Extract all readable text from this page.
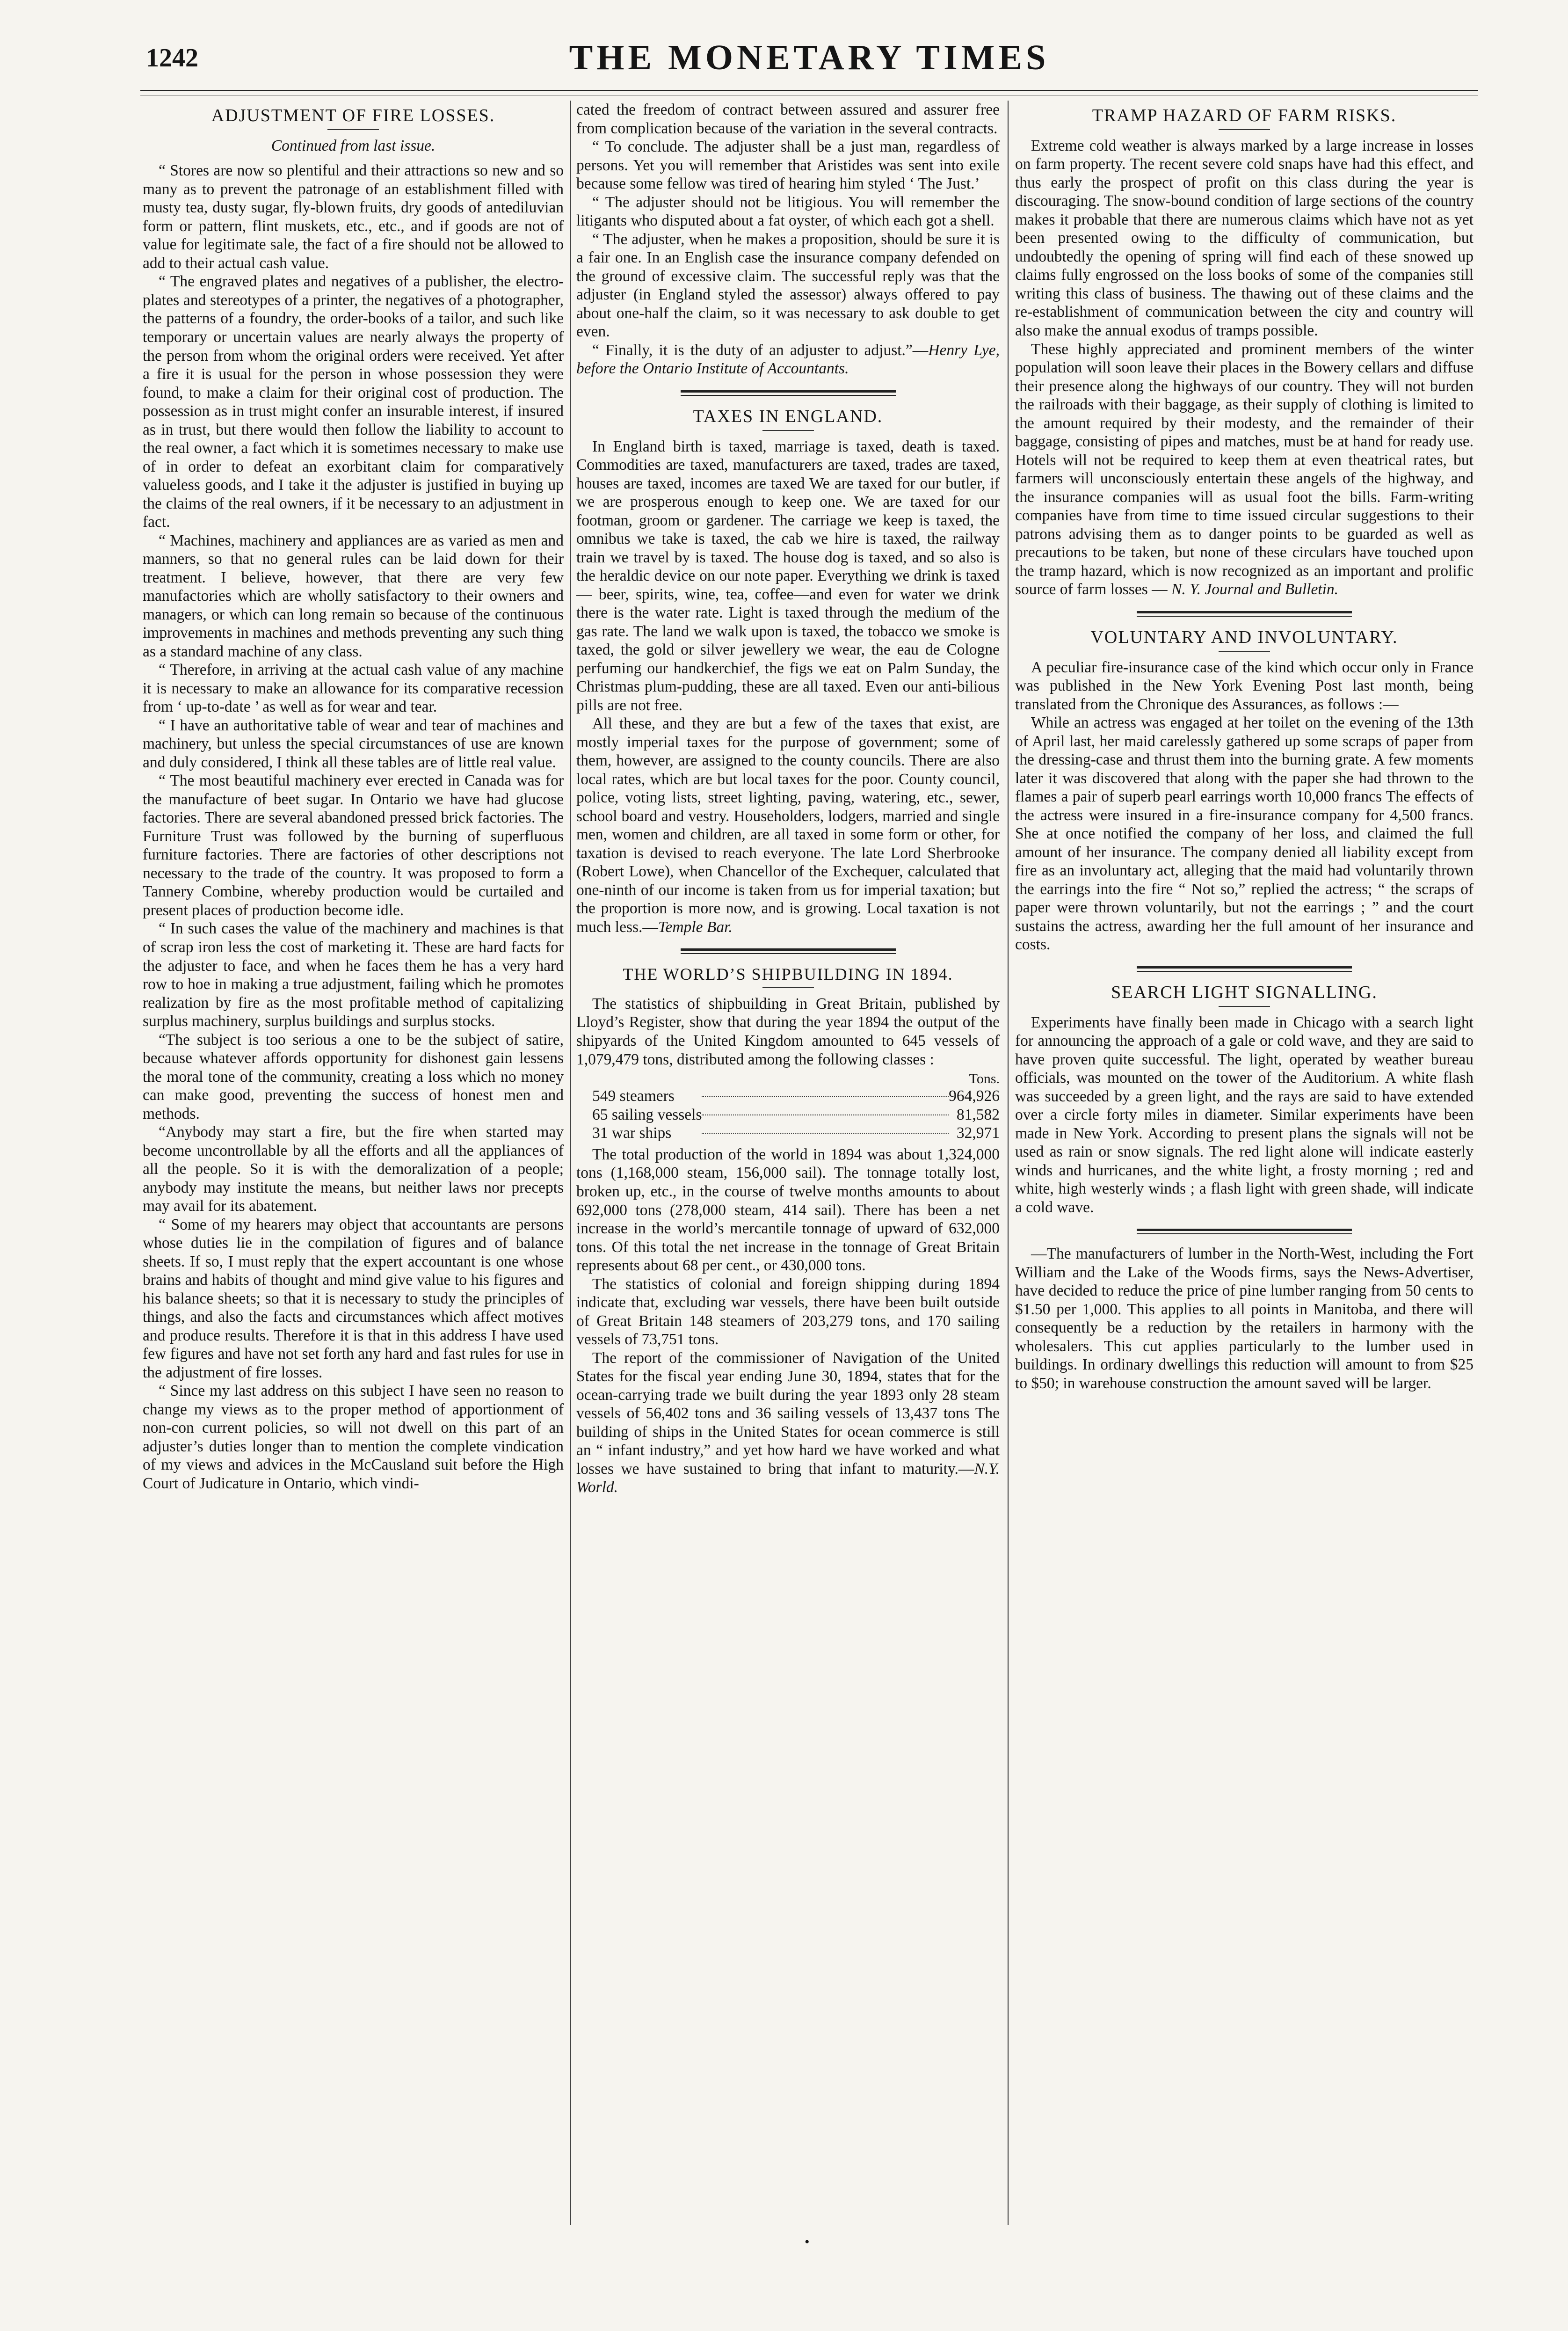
1242	THE MONETARY TIMES
ADJUSTMENT OF FIRE LOSSES.
Continued from last issue.

“ Stores are now so plentiful and their attractions so new and so many as to prevent the patronage of an establishment filled with musty tea, dusty sugar, fly-blown fruits, dry goods of antediluvian form or pattern, flint muskets, etc., etc., and if goods are not of value for legitimate sale, the fact of a fire should not be allowed to add to their actual cash value.

“ The engraved plates and negatives of a publisher, the electro-plates and stereotypes of a printer, the negatives of a photographer, the patterns of a foundry, the order-books of a tailor, and such like temporary or uncertain values are nearly always the property of the person from whom the original orders were received. Yet after a fire it is usual for the person in whose possession they were found, to make a claim for their original cost of production. The possession as in trust might confer an insurable interest, if insured as in trust, but there would then follow the liability to account to the real owner, a fact which it is sometimes necessary to make use of in order to defeat an exorbitant claim for comparatively valueless goods, and I take it the adjuster is justified in buying up the claims of the real owners, if it be necessary to an adjustment in fact.

“ Machines, machinery and appliances are as varied as men and manners, so that no general rules can be laid down for their treatment. I believe, however, that there are very few manufactories which are wholly satisfactory to their owners and managers, or which can long remain so because of the continuous improvements in machines and methods preventing any such thing as a standard machine of any class.

“ Therefore, in arriving at the actual cash value of any machine it is necessary to make an allowance for its comparative recession from ‘ up-to-date ’ as well as for wear and tear.

“ I have an authoritative table of wear and tear of machines and machinery, but unless the special circumstances of use are known and duly considered, I think all these tables are of little real value.

“ The most beautiful machinery ever erected in Canada was for the manufacture of beet sugar. In Ontario we have had glucose factories. There are several abandoned pressed brick factories. The Furniture Trust was followed by the burning of superfluous furniture factories. There are factories of other descriptions not necessary to the trade of the country. It was proposed to form a Tannery Combine, whereby production would be curtailed and present places of production become idle.

“ In such cases the value of the machinery and machines is that of scrap iron less the cost of marketing it. These are hard facts for the adjuster to face, and when he faces them he has a very hard row to hoe in making a true adjustment, failing which he promotes realization by fire as the most profitable method of capitalizing surplus machinery, surplus buildings and surplus stocks.

“The subject is too serious a one to be the subject of satire, because whatever affords opportunity for dishonest gain lessens the moral tone of the community, creating a loss which no money can make good, preventing the success of honest men and methods.

“Anybody may start a fire, but the fire when started may become uncontrollable by all the efforts and all the appliances of all the people. So it is with the demoralization of a people; anybody may institute the means, but neither laws nor precepts may avail for its abatement.

“ Some of my hearers may object that accountants are persons whose duties lie in the compilation of figures and of balance sheets. If so, I must reply that the expert accountant is one whose brains and habits of thought and mind give value to his figures and his balance sheets; so that it is necessary to study the principles of things, and also the facts and circumstances which affect motives and produce results. Therefore it is that in this address I have used few figures and have not set forth any hard and fast rules for use in the adjustment of fire losses.

“ Since my last address on this subject I have seen no reason to change my views as to the proper method of apportionment of non-con current policies, so will not dwell on this part of an adjuster’s duties longer than to mention the complete vindication of my views and advices in the McCausland suit before the High Court of Judicature in Ontario, which vindi-

cated the freedom of contract between assured and assurer free from complication because of the variation in the several contracts.

“ To conclude. The adjuster shall be a just man, regardless of persons. Yet you will remember that Aristides was sent into exile because some fellow was tired of hearing him styled ‘ The Just.’

“ The adjuster should not be litigious. You will remember the litigants who disputed about a fat oyster, of which each got a shell.

“ The adjuster, when he makes a proposition, should be sure it is a fair one. In an English case the insurance company defended on the ground of excessive claim. The successful reply was that the adjuster (in England styled the assessor) always offered to pay about one-half the claim, so it was necessary to ask double to get even.

“ Finally, it is the duty of an adjuster to adjust.”—Henry Lye, before the Ontario Institute of Accountants.

TAXES IN ENGLAND.

In England birth is taxed, marriage is taxed, death is taxed. Commodities are taxed, manufacturers are taxed, trades are taxed, houses are taxed, incomes are taxed We are taxed for our butler, if we are prosperous enough to keep one. We are taxed for our footman, groom or gardener. The carriage we keep is taxed, the omnibus we take is taxed, the cab we hire is taxed, the railway train we travel by is taxed. The house dog is taxed, and so also is the heraldic device on our note paper. Everything we drink is taxed — beer, spirits, wine, tea, coffee—and even for water we drink there is the water rate. Light is taxed through the medium of the gas rate. The land we walk upon is taxed, the tobacco we smoke is taxed, the gold or silver jewellery we wear, the eau de Cologne perfuming our handkerchief, the figs we eat on Palm Sunday, the Christmas plum-pudding, these are all taxed. Even our anti-bilious pills are not free.

All these, and they are but a few of the taxes that exist, are mostly imperial taxes for the purpose of government; some of them, however, are assigned to the county councils. There are also local rates, which are but local taxes for the poor. County council, police, voting lists, street lighting, paving, watering, etc., sewer, school board and vestry. Householders, lodgers, married and single men, women and children, are all taxed in some form or other, for taxation is devised to reach everyone. The late Lord Sherbrooke (Robert Lowe), when Chancellor of the Exchequer, calculated that one-ninth of our income is taken from us for imperial taxation; but the proportion is more now, and is growing. Local taxation is not much less.—Temple Bar.

THE WORLD’S SHIPBUILDING IN 1894.

The statistics of shipbuilding in Great Britain, published by Lloyd’s Register, show that during the year 1894 the output of the shipyards of the United Kingdom amounted to 645 vessels of 1,079,479 tons, distributed among the following classes :

Tons.		
549 steamers		964,926
65 sailing vessels		81,582
31 war ships		32,971

The total production of the world in 1894 was about 1,324,000 tons (1,168,000 steam, 156,000 sail). The tonnage totally lost, broken up, etc., in the course of twelve months amounts to about 692,000 tons (278,000 steam, 414 sail). There has been a net increase in the world’s mercantile tonnage of upward of 632,000 tons. Of this total the net increase in the tonnage of Great Britain represents about 68 per cent., or 430,000 tons.

The statistics of colonial and foreign shipping during 1894 indicate that, excluding war vessels, there have been built outside of Great Britain 148 steamers of 203,279 tons, and 170 sailing vessels of 73,751 tons.

The report of the commissioner of Navigation of the United States for the fiscal year ending June 30, 1894, states that for the ocean-carrying trade we built during the year 1893 only 28 steam vessels of 56,402 tons and 36 sailing vessels of 13,437 tons The building of ships in the United States for ocean commerce is still an “ infant industry,” and yet how hard we have worked and what losses we have sustained to bring that infant to maturity.—N.Y. World.

TRAMP HAZARD OF FARM RISKS.

Extreme cold weather is always marked by a large increase in losses on farm property. The recent severe cold snaps have had this effect, and thus early the prospect of profit on this class during the year is discouraging. The snow-bound condition of large sections of the country makes it probable that there are numerous claims which have not as yet been presented owing to the difficulty of communication, but undoubtedly the opening of spring will find each of these snowed up claims fully engrossed on the loss books of some of the companies still writing this class of business. The thawing out of these claims and the re-establishment of communication between the city and country will also make the annual exodus of tramps possible.

These highly appreciated and prominent members of the winter population will soon leave their places in the Bowery cellars and diffuse their presence along the highways of our country. They will not burden the railroads with their baggage, as their supply of clothing is limited to the amount required by their modesty, and the remainder of their baggage, consisting of pipes and matches, must be at hand for ready use. Hotels will not be required to keep them at even theatrical rates, but farmers will unconsciously entertain these angels of the highway, and the insurance companies will as usual foot the bills. Farm-writing companies have from time to time issued circular suggestions to their patrons advising them as to danger points to be guarded as well as precautions to be taken, but none of these circulars have touched upon the tramp hazard, which is now recognized as an important and prolific source of farm losses — N. Y. Journal and Bulletin.

VOLUNTARY AND INVOLUNTARY.

A peculiar fire-insurance case of the kind which occur only in France was published in the New York Evening Post last month, being translated from the Chronique des Assurances, as follows :—

While an actress was engaged at her toilet on the evening of the 13th of April last, her maid carelessly gathered up some scraps of paper from the dressing-case and thrust them into the burning grate. A few moments later it was discovered that along with the paper she had thrown to the flames a pair of superb pearl earrings worth 10,000 francs The effects of the actress were insured in a fire-insurance company for 4,500 francs. She at once notified the company of her loss, and claimed the full amount of her insurance. The company denied all liability except from fire as an involuntary act, alleging that the maid had voluntarily thrown the earrings into the fire “ Not so,” replied the actress; “ the scraps of paper were thrown voluntarily, but not the earrings ; ” and the court sustains the actress, awarding her the full amount of her insurance and costs.

SEARCH LIGHT SIGNALLING.

Experiments have finally been made in Chicago with a search light for announcing the approach of a gale or cold wave, and they are said to have proven quite successful. The light, operated by weather bureau officials, was mounted on the tower of the Auditorium. A white flash was succeeded by a green light, and the rays are said to have extended over a circle forty miles in diameter. Similar experiments have been made in New York. According to present plans the signals will not be used as rain or snow signals. The red light alone will indicate easterly winds and hurricanes, and the white light, a frosty morning ; red and white, high westerly winds ; a flash light with green shade, will indicate a cold wave.

—The manufacturers of lumber in the North-West, including the Fort William and the Lake of the Woods firms, says the News-Advertiser, have decided to reduce the price of pine lumber ranging from 50 cents to $1.50 per 1,000. This applies to all points in Manitoba, and there will consequently be a reduction by the retailers in harmony with the wholesalers. This cut applies particularly to the lumber used in buildings. In ordinary dwellings this reduction will amount to from $25 to $50; in warehouse construction the amount saved will be larger.

•
